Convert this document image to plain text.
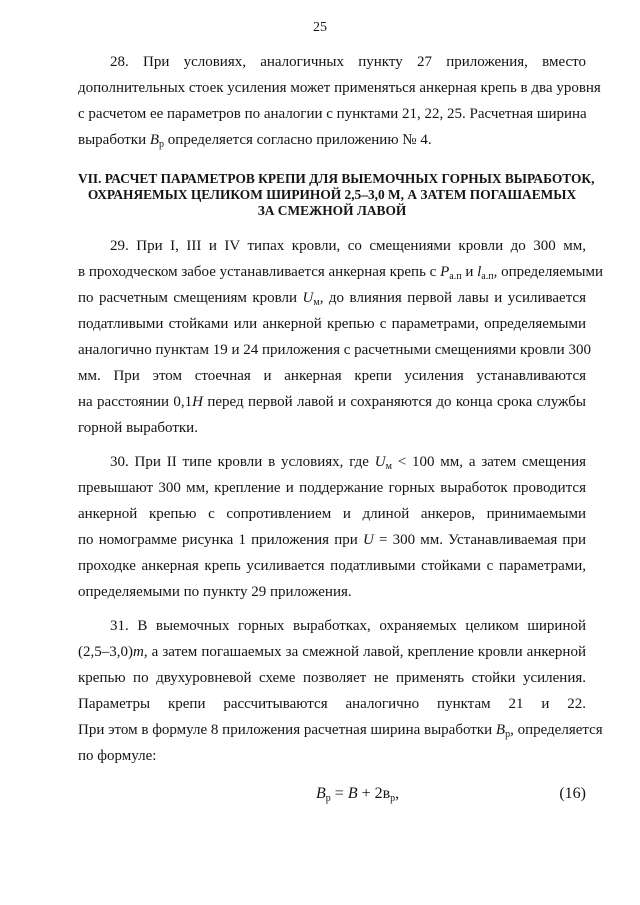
25
28. При условиях, аналогичных пункту 27 приложения, вместо
дополнительных стоек усиления может применяться анкерная крепь в два уровня
с расчетом ее параметров по аналогии с пунктами 21, 22, 25. Расчетная ширина
выработки $B_р$ определяется согласно приложению № 4.
VII. РАСЧЕТ ПАРАМЕТРОВ КРЕПИ ДЛЯ ВЫЕМОЧНЫХ ГОРНЫХ ВЫРАБОТОК,
ОХРАНЯЕМЫХ ЦЕЛИКОМ ШИРИНОЙ 2,5–3,0 М, А ЗАТЕМ ПОГАШАЕМЫХ
ЗА СМЕЖНОЙ ЛАВОЙ
29. При I, III и IV типах кровли, со смещениями кровли до 300 мм,
в проходческом забое устанавливается анкерная крепь с $P_{а.п}$ и $l_{а.п}$, определяемыми
по расчетным смещениям кровли $U_м$, до влияния первой лавы и усиливается
податливыми стойками или анкерной крепью с параметрами, определяемыми
аналогично пунктам 19 и 24 приложения с расчетными смещениями кровли 300
мм. При этом стоечная и анкерная крепи усиления устанавливаются
на расстоянии 0,1H перед первой лавой и сохраняются до конца срока службы
горной выработки.
30. При II типе кровли в условиях, где $U_м < 100$ мм, а затем смещения
превышают 300 мм, крепление и поддержание горных выработок проводится
анкерной крепью с сопротивлением и длиной анкеров, принимаемыми
по номограмме рисунка 1 приложения при U = 300 мм. Устанавливаемая при
проходке анкерная крепь усиливается податливыми стойками с параметрами,
определяемыми по пункту 29 приложения.
31. В выемочных горных выработках, охраняемых целиком шириной
(2,5–3,0)m, а затем погашаемых за смежной лавой, крепление кровли анкерной
крепью по двухуровневой схеме позволяет не применять стойки усиления.
Параметры крепи рассчитываются аналогично пунктам 21 и 22.
При этом в формуле 8 приложения расчетная ширина выработки $B_р$, определяется
по формуле:
$B_р = B + 2в_р$,	(16)
